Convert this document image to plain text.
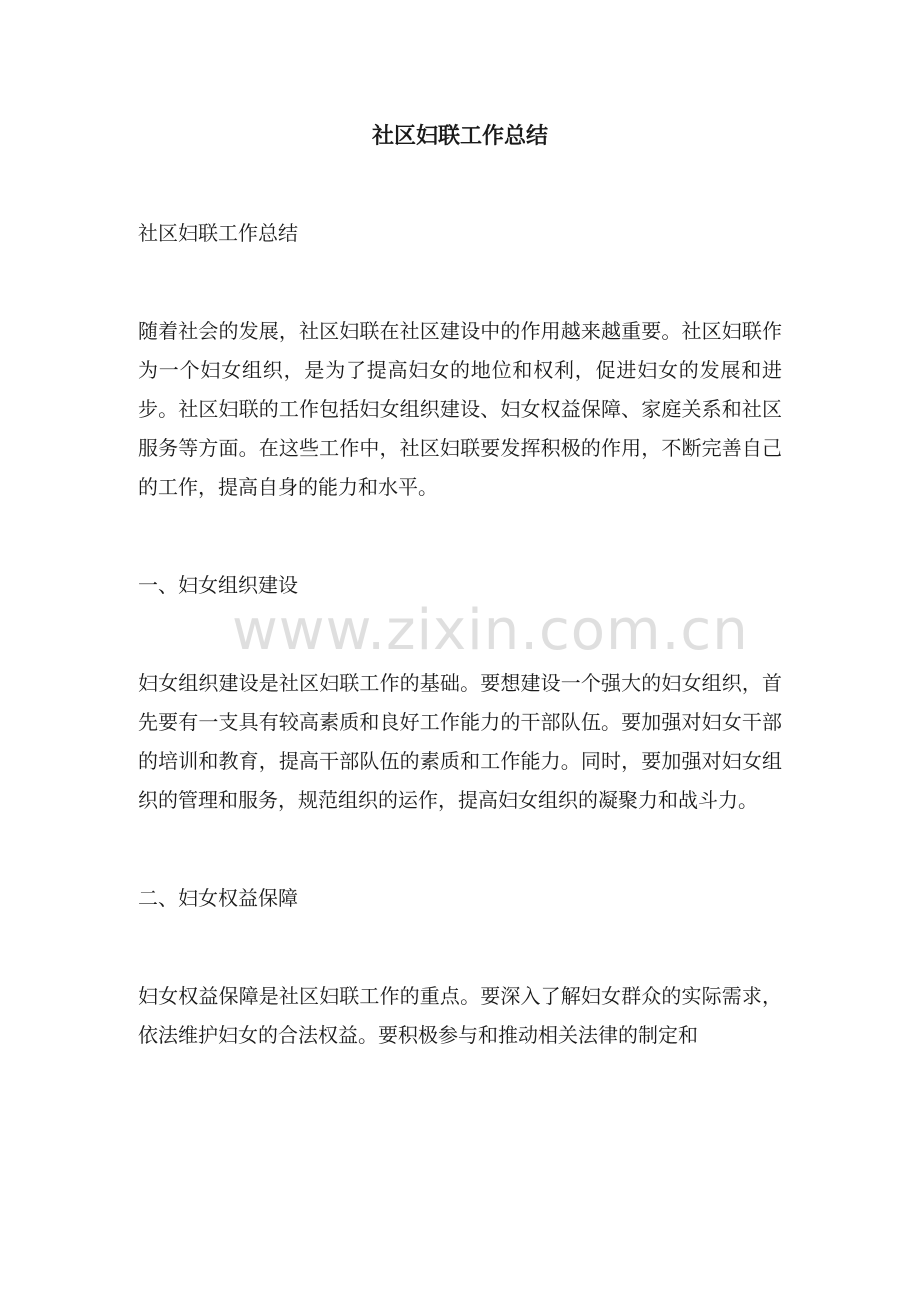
社区妇联工作总结

社区妇联工作总结

随着社会的发展，社区妇联在社区建设中的作用越来越重要。社区妇联作为一个妇女组织，是为了提高妇女的地位和权利，促进妇女的发展和进步。社区妇联的工作包括妇女组织建设、妇女权益保障、家庭关系和社区服务等方面。在这些工作中，社区妇联要发挥积极的作用，不断完善自己的工作，提高自身的能力和水平。

一、妇女组织建设

妇女组织建设是社区妇联工作的基础。要想建设一个强大的妇女组织，首先要有一支具有较高素质和良好工作能力的干部队伍。要加强对妇女干部的培训和教育，提高干部队伍的素质和工作能力。同时，要加强对妇女组织的管理和服务，规范组织的运作，提高妇女组织的凝聚力和战斗力。

二、妇女权益保障

妇女权益保障是社区妇联工作的重点。要深入了解妇女群众的实际需求，依法维护妇女的合法权益。要积极参与和推动相关法律的制定和

www.zixin.com.cn
